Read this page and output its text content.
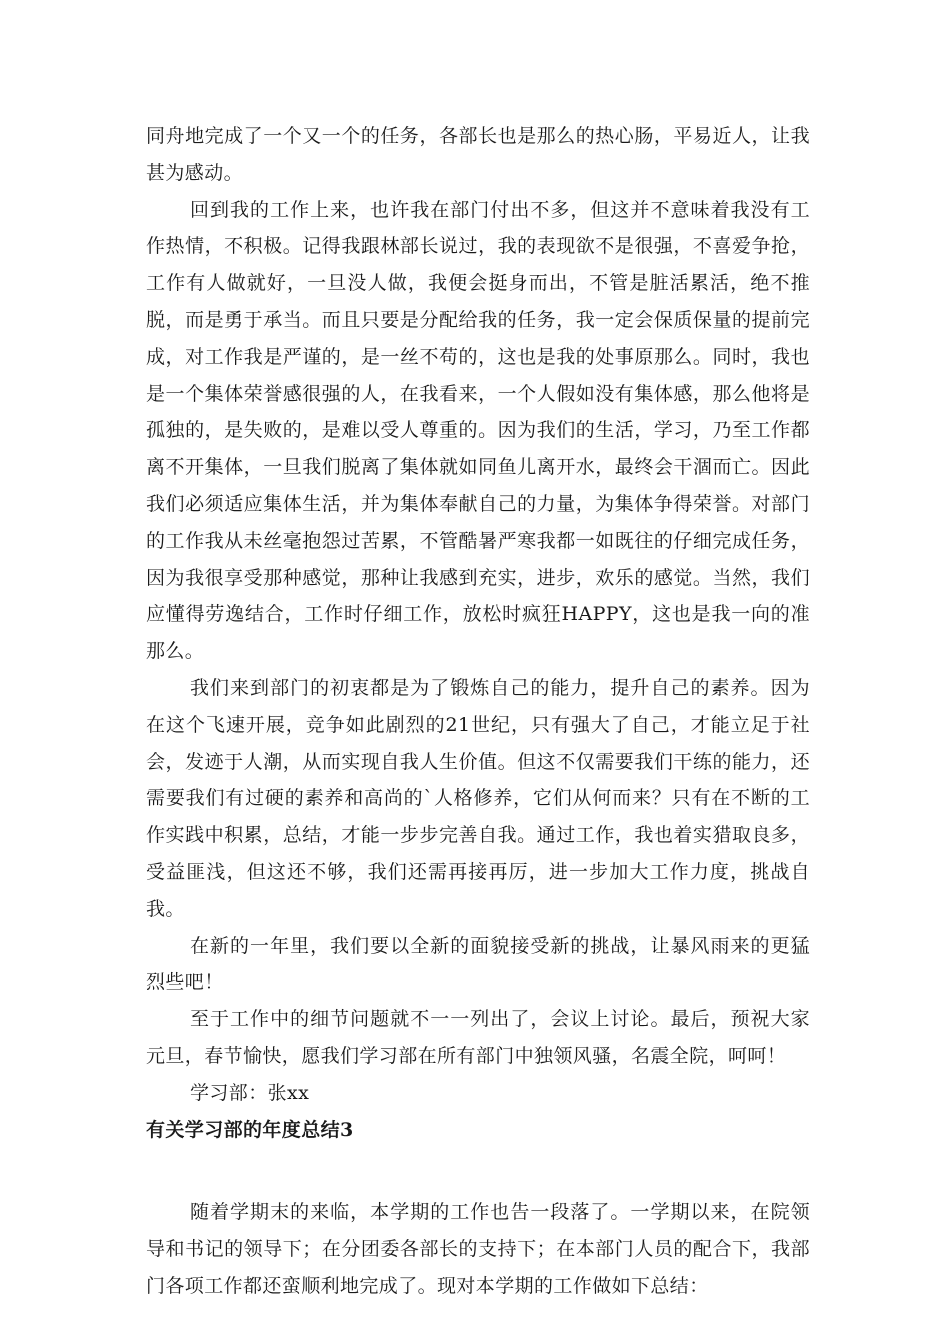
同舟地完成了一个又一个的任务，各部长也是那么的热心肠，平易近人，让我甚为感动。

回到我的工作上来，也许我在部门付出不多，但这并不意味着我没有工作热情，不积极。记得我跟林部长说过，我的表现欲不是很强，不喜爱争抢，工作有人做就好，一旦没人做，我便会挺身而出，不管是脏活累活，绝不推脱，而是勇于承当。而且只要是分配给我的任务，我一定会保质保量的提前完成，对工作我是严谨的，是一丝不苟的，这也是我的处事原那么。同时，我也是一个集体荣誉感很强的人，在我看来，一个人假如没有集体感，那么他将是孤独的，是失败的，是难以受人尊重的。因为我们的生活，学习，乃至工作都离不开集体，一旦我们脱离了集体就如同鱼儿离开水，最终会干涸而亡。因此我们必须适应集体生活，并为集体奉献自己的力量，为集体争得荣誉。对部门的工作我从未丝毫抱怨过苦累，不管酷暑严寒我都一如既往的仔细完成任务，因为我很享受那种感觉，那种让我感到充实，进步，欢乐的感觉。当然，我们应懂得劳逸结合，工作时仔细工作，放松时疯狂HAPPY，这也是我一向的准那么。

我们来到部门的初衷都是为了锻炼自己的能力，提升自己的素养。因为在这个飞速开展，竞争如此剧烈的21世纪，只有强大了自己，才能立足于社会，发迹于人潮，从而实现自我人生价值。但这不仅需要我们干练的能力，还需要我们有过硬的素养和高尚的`人格修养，它们从何而来？只有在不断的工作实践中积累，总结，才能一步步完善自我。通过工作，我也着实猎取良多，受益匪浅，但这还不够，我们还需再接再厉，进一步加大工作力度，挑战自我。

在新的一年里，我们要以全新的面貌接受新的挑战，让暴风雨来的更猛烈些吧！

至于工作中的细节问题就不一一列出了，会议上讨论。最后，预祝大家元旦，春节愉快，愿我们学习部在所有部门中独领风骚，名震全院，呵呵！

学习部：张xx

有关学习部的年度总结3

随着学期末的来临，本学期的工作也告一段落了。一学期以来，在院领导和书记的领导下；在分团委各部长的支持下；在本部门人员的配合下，我部门各项工作都还蛮顺利地完成了。现对本学期的工作做如下总结：
